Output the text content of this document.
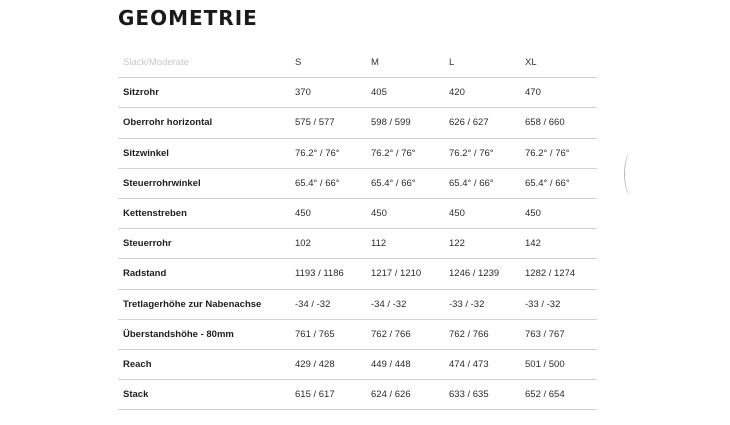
GEOMETRIE
Slack/Moderate	S	M	L	XL
Sitzrohr	370	405	420	470
Oberrohr horizontal	575 / 577	598 / 599	626 / 627	658 / 660
Sitzwinkel	76.2° / 76°	76.2° / 76°	76.2° / 76°	76.2° / 76°
Steuerrohrwinkel	65.4° / 66°	65.4° / 66°	65.4° / 66°	65.4° / 66°
Kettenstreben	450	450	450	450
Steuerrohr	102	112	122	142
Radstand	1193 / 1186	1217 / 1210	1246 / 1239	1282 / 1274
Tretlagerhöhe zur Nabenachse	-34 / -32	-34 / -32	-33 / -32	-33 / -32
Überstandshöhe - 80mm	761 / 765	762 / 766	762 / 766	763 / 767
Reach	429 / 428	449 / 448	474 / 473	501 / 500
Stack	615 / 617	624 / 626	633 / 635	652 / 654
